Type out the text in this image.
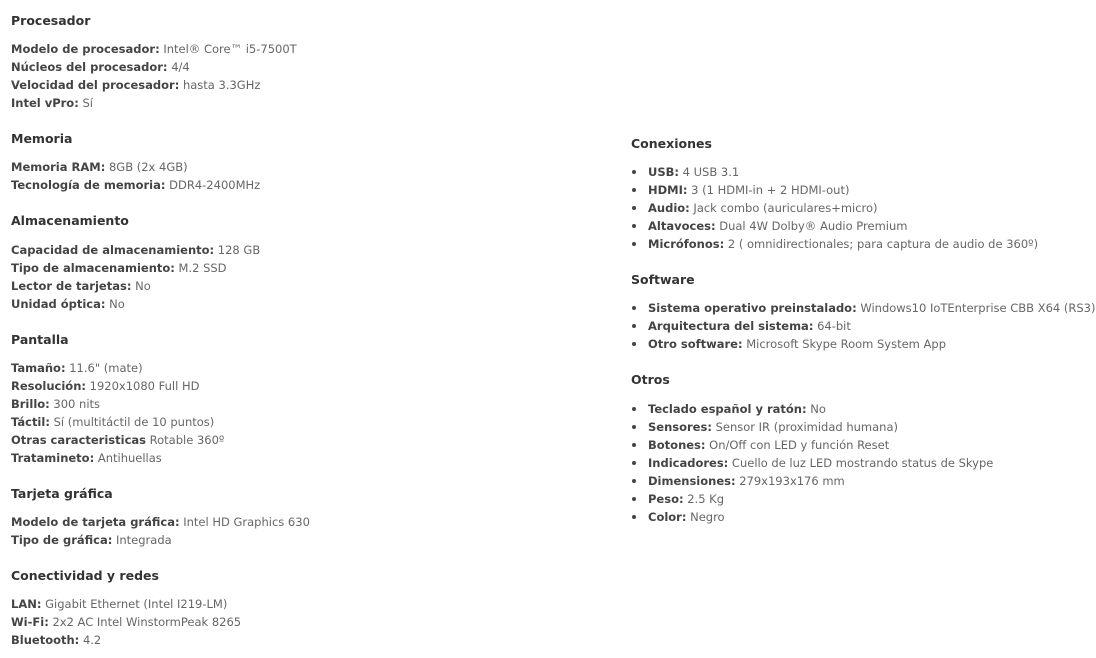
Procesador
Modelo de procesador: Intel® Core™ i5-7500T
Núcleos del procesador: 4/4
Velocidad del procesador: hasta 3.3GHz
Intel vPro: Sí
Memoria
Memoria RAM: 8GB (2x 4GB)
Tecnología de memoria: DDR4-2400MHz
Almacenamiento
Capacidad de almacenamiento: 128 GB
Tipo de almacenamiento: M.2 SSD
Lector de tarjetas: No
Unidad óptica: No
Pantalla
Tamaño: 11.6" (mate)
Resolución: 1920x1080 Full HD
Brillo: 300 nits
Táctil: Sí (multitáctil de 10 puntos)
Otras caracteristicas Rotable 360º
Tratamineto: Antihuellas
Tarjeta gráfica
Modelo de tarjeta gráfica: Intel HD Graphics 630
Tipo de gráfica: Integrada
Conectividad y redes
LAN: Gigabit Ethernet (Intel I219-LM)
Wi-Fi: 2x2 AC Intel WinstormPeak 8265
Bluetooth: 4.2
Conexiones
USB: 4 USB 3.1
HDMI: 3 (1 HDMI-in + 2 HDMI-out)
Audio: Jack combo (auriculares+micro)
Altavoces: Dual 4W Dolby® Audio Premium
Micrófonos: 2 ( omnidirectionales; para captura de audio de 360º)
Software
Sistema operativo preinstalado: Windows10 IoTEnterprise CBB X64 (RS3)
Arquitectura del sistema: 64-bit
Otro software: Microsoft Skype Room System App
Otros
Teclado español y ratón: No
Sensores: Sensor IR (proximidad humana)
Botones: On/Off con LED y función Reset
Indicadores: Cuello de luz LED mostrando status de Skype
Dimensiones: 279x193x176 mm
Peso: 2.5 Kg
Color: Negro
